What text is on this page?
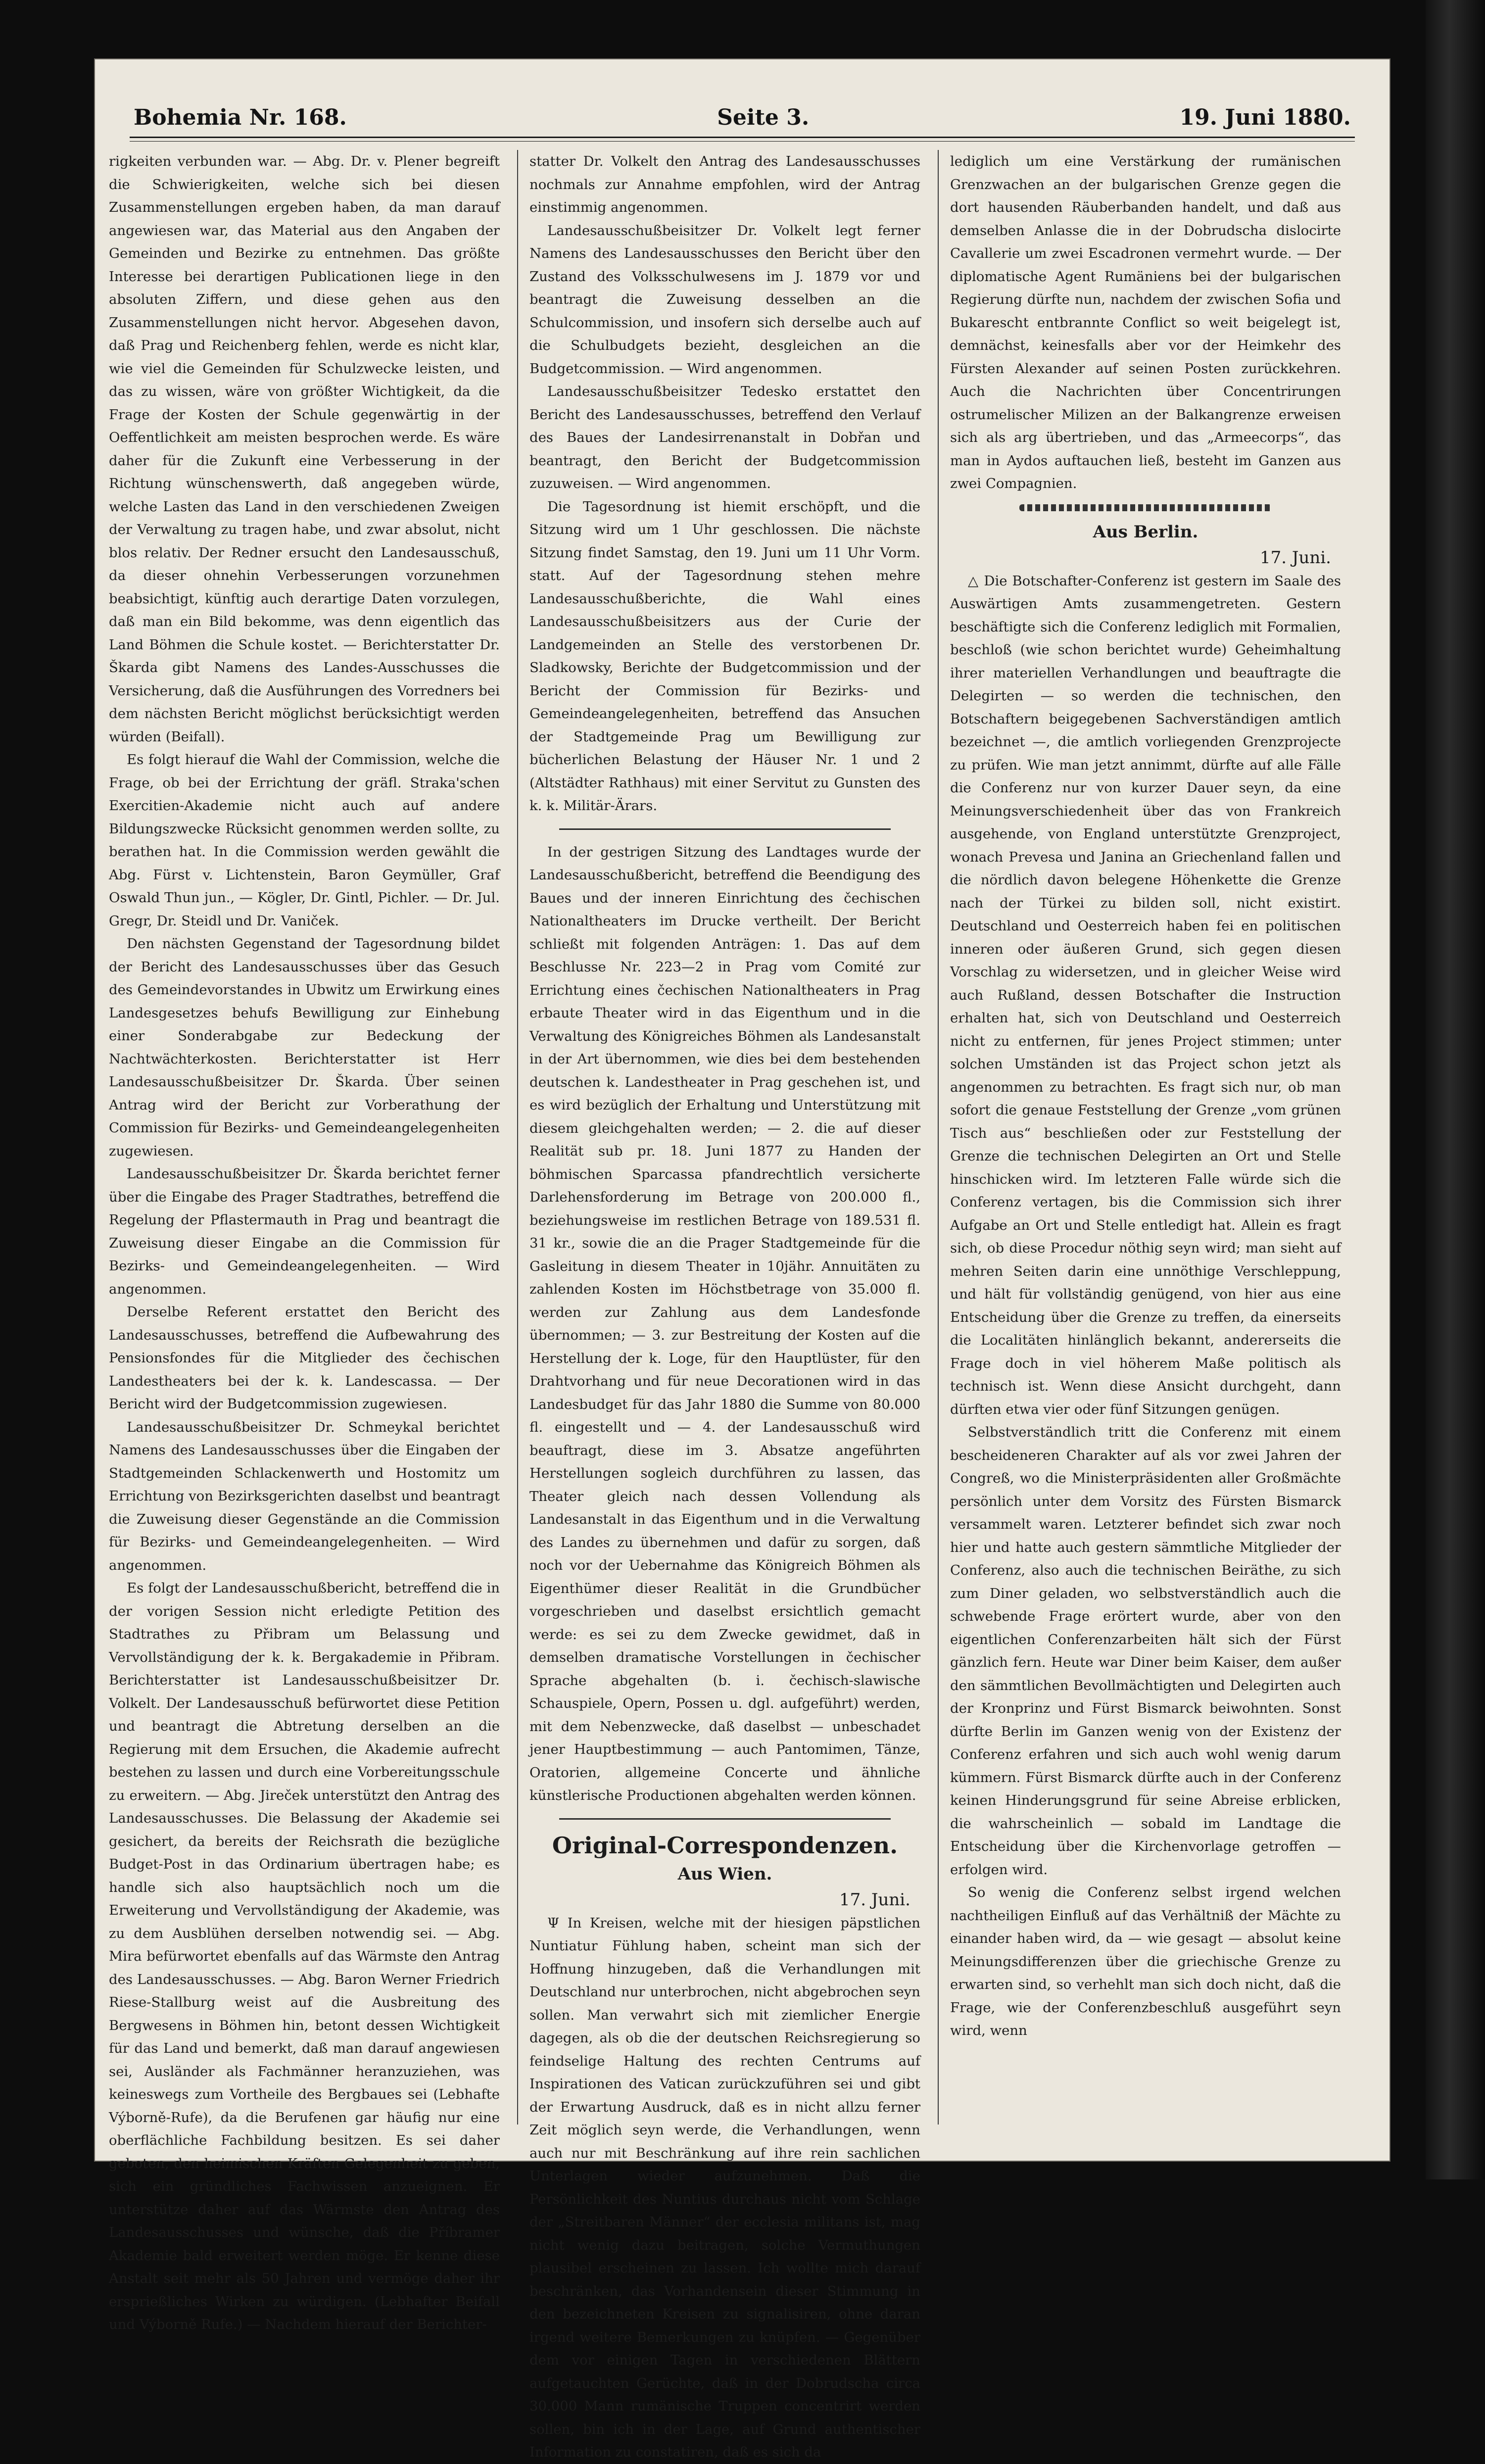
Bohemia Nr. 168.	Seite 3.	19. Juni 1880.

rigkeiten verbunden war. — Abg. Dr. v. Plener begreift die Schwierigkeiten, welche sich bei diesen Zusammenstellungen ergeben haben, da man darauf angewiesen war, das Material aus den Angaben der Gemeinden und Bezirke zu entnehmen. Das größte Interesse bei derartigen Publicationen liege in den absoluten Ziffern, und diese gehen aus den Zusammenstellungen nicht hervor. Abgesehen davon, daß Prag und Reichenberg fehlen, werde es nicht klar, wie viel die Gemeinden für Schulzwecke leisten, und das zu wissen, wäre von größter Wichtigkeit, da die Frage der Kosten der Schule gegenwärtig in der Oeffentlichkeit am meisten besprochen werde. Es wäre daher für die Zukunft eine Verbesserung in der Richtung wünschenswerth, daß angegeben würde, welche Lasten das Land in den verschiedenen Zweigen der Verwaltung zu tragen habe, und zwar absolut, nicht blos relativ. Der Redner ersucht den Landesausschuß, da dieser ohnehin Verbesserungen vorzunehmen beabsichtigt, künftig auch derartige Daten vorzulegen, daß man ein Bild bekomme, was denn eigentlich das Land Böhmen die Schule kostet. — Berichterstatter Dr. Škarda gibt Namens des Landes-Ausschusses die Versicherung, daß die Ausführungen des Vorredners bei dem nächsten Bericht möglichst berücksichtigt werden würden (Beifall).

Es folgt hierauf die Wahl der Commission, welche die Frage, ob bei der Errichtung der gräfl. Straka'schen Exercitien-Akademie nicht auch auf andere Bildungszwecke Rücksicht genommen werden sollte, zu berathen hat. In die Commission werden gewählt die Abg. Fürst v. Lichtenstein, Baron Geymüller, Graf Oswald Thun jun., — Kögler, Dr. Gintl, Pichler. — Dr. Jul. Gregr, Dr. Steidl und Dr. Vaniček.

Den nächsten Gegenstand der Tagesordnung bildet der Bericht des Landesausschusses über das Gesuch des Gemeindevorstandes in Ubwitz um Erwirkung eines Landesgesetzes behufs Bewilligung zur Einhebung einer Sonderabgabe zur Bedeckung der Nachtwächterkosten. Berichterstatter ist Herr Landesausschußbeisitzer Dr. Škarda. Über seinen Antrag wird der Bericht zur Vorberathung der Commission für Bezirks- und Gemeindeangelegenheiten zugewiesen.

Landesausschußbeisitzer Dr. Škarda berichtet ferner über die Eingabe des Prager Stadtrathes, betreffend die Regelung der Pflastermauth in Prag und beantragt die Zuweisung dieser Eingabe an die Commission für Bezirks- und Gemeindeangelegenheiten. — Wird angenommen.

Derselbe Referent erstattet den Bericht des Landesausschusses, betreffend die Aufbewahrung des Pensionsfondes für die Mitglieder des čechischen Landestheaters bei der k. k. Landescassa. — Der Bericht wird der Budgetcommission zugewiesen.

Landesausschußbeisitzer Dr. Schmeykal berichtet Namens des Landesausschusses über die Eingaben der Stadtgemeinden Schlackenwerth und Hostomitz um Errichtung von Bezirksgerichten daselbst und beantragt die Zuweisung dieser Gegenstände an die Commission für Bezirks- und Gemeindeangelegenheiten. — Wird angenommen.

Es folgt der Landesausschußbericht, betreffend die in der vorigen Session nicht erledigte Petition des Stadtrathes zu Přibram um Belassung und Vervollständigung der k. k. Bergakademie in Přibram. Berichterstatter ist Landesausschußbeisitzer Dr. Volkelt. Der Landesausschuß befürwortet diese Petition und beantragt die Abtretung derselben an die Regierung mit dem Ersuchen, die Akademie aufrecht bestehen zu lassen und durch eine Vorbereitungsschule zu erweitern. — Abg. Jireček unterstützt den Antrag des Landesausschusses. Die Belassung der Akademie sei gesichert, da bereits der Reichsrath die bezügliche Budget-Post in das Ordinarium übertragen habe; es handle sich also hauptsächlich noch um die Erweiterung und Vervollständigung der Akademie, was zu dem Ausblühen derselben notwendig sei. — Abg. Mira befürwortet ebenfalls auf das Wärmste den Antrag des Landesausschusses. — Abg. Baron Werner Friedrich Riese-Stallburg weist auf die Ausbreitung des Bergwesens in Böhmen hin, betont dessen Wichtigkeit für das Land und bemerkt, daß man darauf angewiesen sei, Ausländer als Fachmänner heranzuziehen, was keineswegs zum Vortheile des Bergbaues sei (Lebhafte Výborně-Rufe), da die Berufenen gar häufig nur eine oberflächliche Fachbildung besitzen. Es sei daher geboten, den heimischen Kräften Gelegenheit zu geben, sich ein gründliches Fachwissen anzueignen. Er unterstütze daher auf das Wärmste den Antrag des Landesausschusses und wünsche, daß die Příbramer Akademie bald erweitert werden möge. Er kenne diese Anstalt seit mehr als 50 Jahren und vermöge daher ihr ersprießliches Wirken zu würdigen. (Lebhafter Beifall und Výborně Rufe.) — Nachdem hierauf der Berichter-

statter Dr. Volkelt den Antrag des Landesausschusses nochmals zur Annahme empfohlen, wird der Antrag einstimmig angenommen.

Landesausschußbeisitzer Dr. Volkelt legt ferner Namens des Landesausschusses den Bericht über den Zustand des Volksschulwesens im J. 1879 vor und beantragt die Zuweisung desselben an die Schulcommission, und insofern sich derselbe auch auf die Schulbudgets bezieht, desgleichen an die Budgetcommission. — Wird angenommen.

Landesausschußbeisitzer Tedesko erstattet den Bericht des Landesausschusses, betreffend den Verlauf des Baues der Landesirrenanstalt in Dobřan und beantragt, den Bericht der Budgetcommission zuzuweisen. — Wird angenommen.

Die Tagesordnung ist hiemit erschöpft, und die Sitzung wird um 1 Uhr geschlossen. Die nächste Sitzung findet Samstag, den 19. Juni um 11 Uhr Vorm. statt. Auf der Tagesordnung stehen mehre Landesausschußberichte, die Wahl eines Landesausschußbeisitzers aus der Curie der Landgemeinden an Stelle des verstorbenen Dr. Sladkowsky, Berichte der Budgetcommission und der Bericht der Commission für Bezirks- und Gemeindeangelegenheiten, betreffend das Ansuchen der Stadtgemeinde Prag um Bewilligung zur bücherlichen Belastung der Häuser Nr. 1 und 2 (Altstädter Rathhaus) mit einer Servitut zu Gunsten des k. k. Militär-Ärars.

In der gestrigen Sitzung des Landtages wurde der Landesausschußbericht, betreffend die Beendigung des Baues und der inneren Einrichtung des čechischen Nationaltheaters im Drucke vertheilt. Der Bericht schließt mit folgenden Anträgen: 1. Das auf dem Beschlusse Nr. 223—2 in Prag vom Comité zur Errichtung eines čechischen Nationaltheaters in Prag erbaute Theater wird in das Eigenthum und in die Verwaltung des Königreiches Böhmen als Landesanstalt in der Art übernommen, wie dies bei dem bestehenden deutschen k. Landestheater in Prag geschehen ist, und es wird bezüglich der Erhaltung und Unterstützung mit diesem gleichgehalten werden; — 2. die auf dieser Realität sub pr. 18. Juni 1877 zu Handen der böhmischen Sparcassa pfandrechtlich versicherte Darlehensforderung im Betrage von 200.000 fl., beziehungsweise im restlichen Betrage von 189.531 fl. 31 kr., sowie die an die Prager Stadtgemeinde für die Gasleitung in diesem Theater in 10jähr. Annuitäten zu zahlenden Kosten im Höchstbetrage von 35.000 fl. werden zur Zahlung aus dem Landesfonde übernommen; — 3. zur Bestreitung der Kosten auf die Herstellung der k. Loge, für den Hauptlüster, für den Drahtvorhang und für neue Decorationen wird in das Landesbudget für das Jahr 1880 die Summe von 80.000 fl. eingestellt und — 4. der Landesausschuß wird beauftragt, diese im 3. Absatze angeführten Herstellungen sogleich durchführen zu lassen, das Theater gleich nach dessen Vollendung als Landesanstalt in das Eigenthum und in die Verwaltung des Landes zu übernehmen und dafür zu sorgen, daß noch vor der Uebernahme das Königreich Böhmen als Eigenthümer dieser Realität in die Grundbücher vorgeschrieben und daselbst ersichtlich gemacht werde: es sei zu dem Zwecke gewidmet, daß in demselben dramatische Vorstellungen in čechischer Sprache abgehalten (b. i. čechisch-slawische Schauspiele, Opern, Possen u. dgl. aufgeführt) werden, mit dem Nebenzwecke, daß daselbst — unbeschadet jener Hauptbestimmung — auch Pantomimen, Tänze, Oratorien, allgemeine Concerte und ähnliche künstlerische Productionen abgehalten werden können.

Original-Correspondenzen.
Aus Wien.
17. Juni.

Ψ In Kreisen, welche mit der hiesigen päpstlichen Nuntiatur Fühlung haben, scheint man sich der Hoffnung hinzugeben, daß die Verhandlungen mit Deutschland nur unterbrochen, nicht abgebrochen seyn sollen. Man verwahrt sich mit ziemlicher Energie dagegen, als ob die der deutschen Reichsregierung so feindselige Haltung des rechten Centrums auf Inspirationen des Vatican zurückzuführen sei und gibt der Erwartung Ausdruck, daß es in nicht allzu ferner Zeit möglich seyn werde, die Verhandlungen, wenn auch nur mit Beschränkung auf ihre rein sachlichen Unterlagen wieder aufzunehmen. Daß die Persönlichkeit des Nuntius durchaus nicht vom Schlage der „Streitbaren Männer“ der ecclesia militans ist, mag nicht wenig dazu beitragen, solche Vermuthungen plausibel erscheinen zu lassen. Ich wollte mich darauf beschränken, das Vorhandensein dieser Stimmung in den bezeichneten Kreisen zu signalisiren, ohne daran irgend weitere Bemerkungen zu knüpfen. — Gegenüber dem vor einigen Tagen in verschiedenen Blättern aufgetauchten Gerüchte, daß in der Dobrudscha circa 30.000 Mann rumänische Truppen concentrirt werden sollen, bin ich in der Lage, auf Grund authentischer Information zu constatiren, daß es sich da

lediglich um eine Verstärkung der rumänischen Grenzwachen an der bulgarischen Grenze gegen die dort hausenden Räuberbanden handelt, und daß aus demselben Anlasse die in der Dobrudscha dislocirte Cavallerie um zwei Escadronen vermehrt wurde. — Der diplomatische Agent Rumäniens bei der bulgarischen Regierung dürfte nun, nachdem der zwischen Sofia und Bukarescht entbrannte Conflict so weit beigelegt ist, demnächst, keinesfalls aber vor der Heimkehr des Fürsten Alexander auf seinen Posten zurückkehren. Auch die Nachrichten über Concentrirungen ostrumelischer Milizen an der Balkangrenze erweisen sich als arg übertrieben, und das „Armeecorps“, das man in Aydos auftauchen ließ, besteht im Ganzen aus zwei Compagnien.

Aus Berlin.
17. Juni.

△ Die Botschafter-Conferenz ist gestern im Saale des Auswärtigen Amts zusammengetreten. Gestern beschäftigte sich die Conferenz lediglich mit Formalien, beschloß (wie schon berichtet wurde) Geheimhaltung ihrer materiellen Verhandlungen und beauftragte die Delegirten — so werden die technischen, den Botschaftern beigegebenen Sachverständigen amtlich bezeichnet —, die amtlich vorliegenden Grenzprojecte zu prüfen. Wie man jetzt annimmt, dürfte auf alle Fälle die Conferenz nur von kurzer Dauer seyn, da eine Meinungsverschiedenheit über das von Frankreich ausgehende, von England unterstützte Grenzproject, wonach Prevesa und Janina an Griechenland fallen und die nördlich davon belegene Höhenkette die Grenze nach der Türkei zu bilden soll, nicht existirt. Deutschland und Oesterreich haben fei en politischen inneren oder äußeren Grund, sich gegen diesen Vorschlag zu widersetzen, und in gleicher Weise wird auch Rußland, dessen Botschafter die Instruction erhalten hat, sich von Deutschland und Oesterreich nicht zu entfernen, für jenes Project stimmen; unter solchen Umständen ist das Project schon jetzt als angenommen zu betrachten. Es fragt sich nur, ob man sofort die genaue Feststellung der Grenze „vom grünen Tisch aus“ beschließen oder zur Feststellung der Grenze die technischen Delegirten an Ort und Stelle hinschicken wird. Im letzteren Falle würde sich die Conferenz vertagen, bis die Commission sich ihrer Aufgabe an Ort und Stelle entledigt hat. Allein es fragt sich, ob diese Procedur nöthig seyn wird; man sieht auf mehren Seiten darin eine unnöthige Verschleppung, und hält für vollständig genügend, von hier aus eine Entscheidung über die Grenze zu treffen, da einerseits die Localitäten hinlänglich bekannt, andererseits die Frage doch in viel höherem Maße politisch als technisch ist. Wenn diese Ansicht durchgeht, dann dürften etwa vier oder fünf Sitzungen genügen.

Selbstverständlich tritt die Conferenz mit einem bescheideneren Charakter auf als vor zwei Jahren der Congreß, wo die Ministerpräsidenten aller Großmächte persönlich unter dem Vorsitz des Fürsten Bismarck versammelt waren. Letzterer befindet sich zwar noch hier und hatte auch gestern sämmtliche Mitglieder der Conferenz, also auch die technischen Beiräthe, zu sich zum Diner geladen, wo selbstverständlich auch die schwebende Frage erörtert wurde, aber von den eigentlichen Conferenzarbeiten hält sich der Fürst gänzlich fern. Heute war Diner beim Kaiser, dem außer den sämmtlichen Bevollmächtigten und Delegirten auch der Kronprinz und Fürst Bismarck beiwohnten. Sonst dürfte Berlin im Ganzen wenig von der Existenz der Conferenz erfahren und sich auch wohl wenig darum kümmern. Fürst Bismarck dürfte auch in der Conferenz keinen Hinderungsgrund für seine Abreise erblicken, die wahrscheinlich — sobald im Landtage die Entscheidung über die Kirchenvorlage getroffen — erfolgen wird.

So wenig die Conferenz selbst irgend welchen nachtheiligen Einfluß auf das Verhältniß der Mächte zu einander haben wird, da — wie gesagt — absolut keine Meinungsdifferenzen über die griechische Grenze zu erwarten sind, so verhehlt man sich doch nicht, daß die Frage, wie der Conferenzbeschluß ausgeführt seyn wird, wenn
